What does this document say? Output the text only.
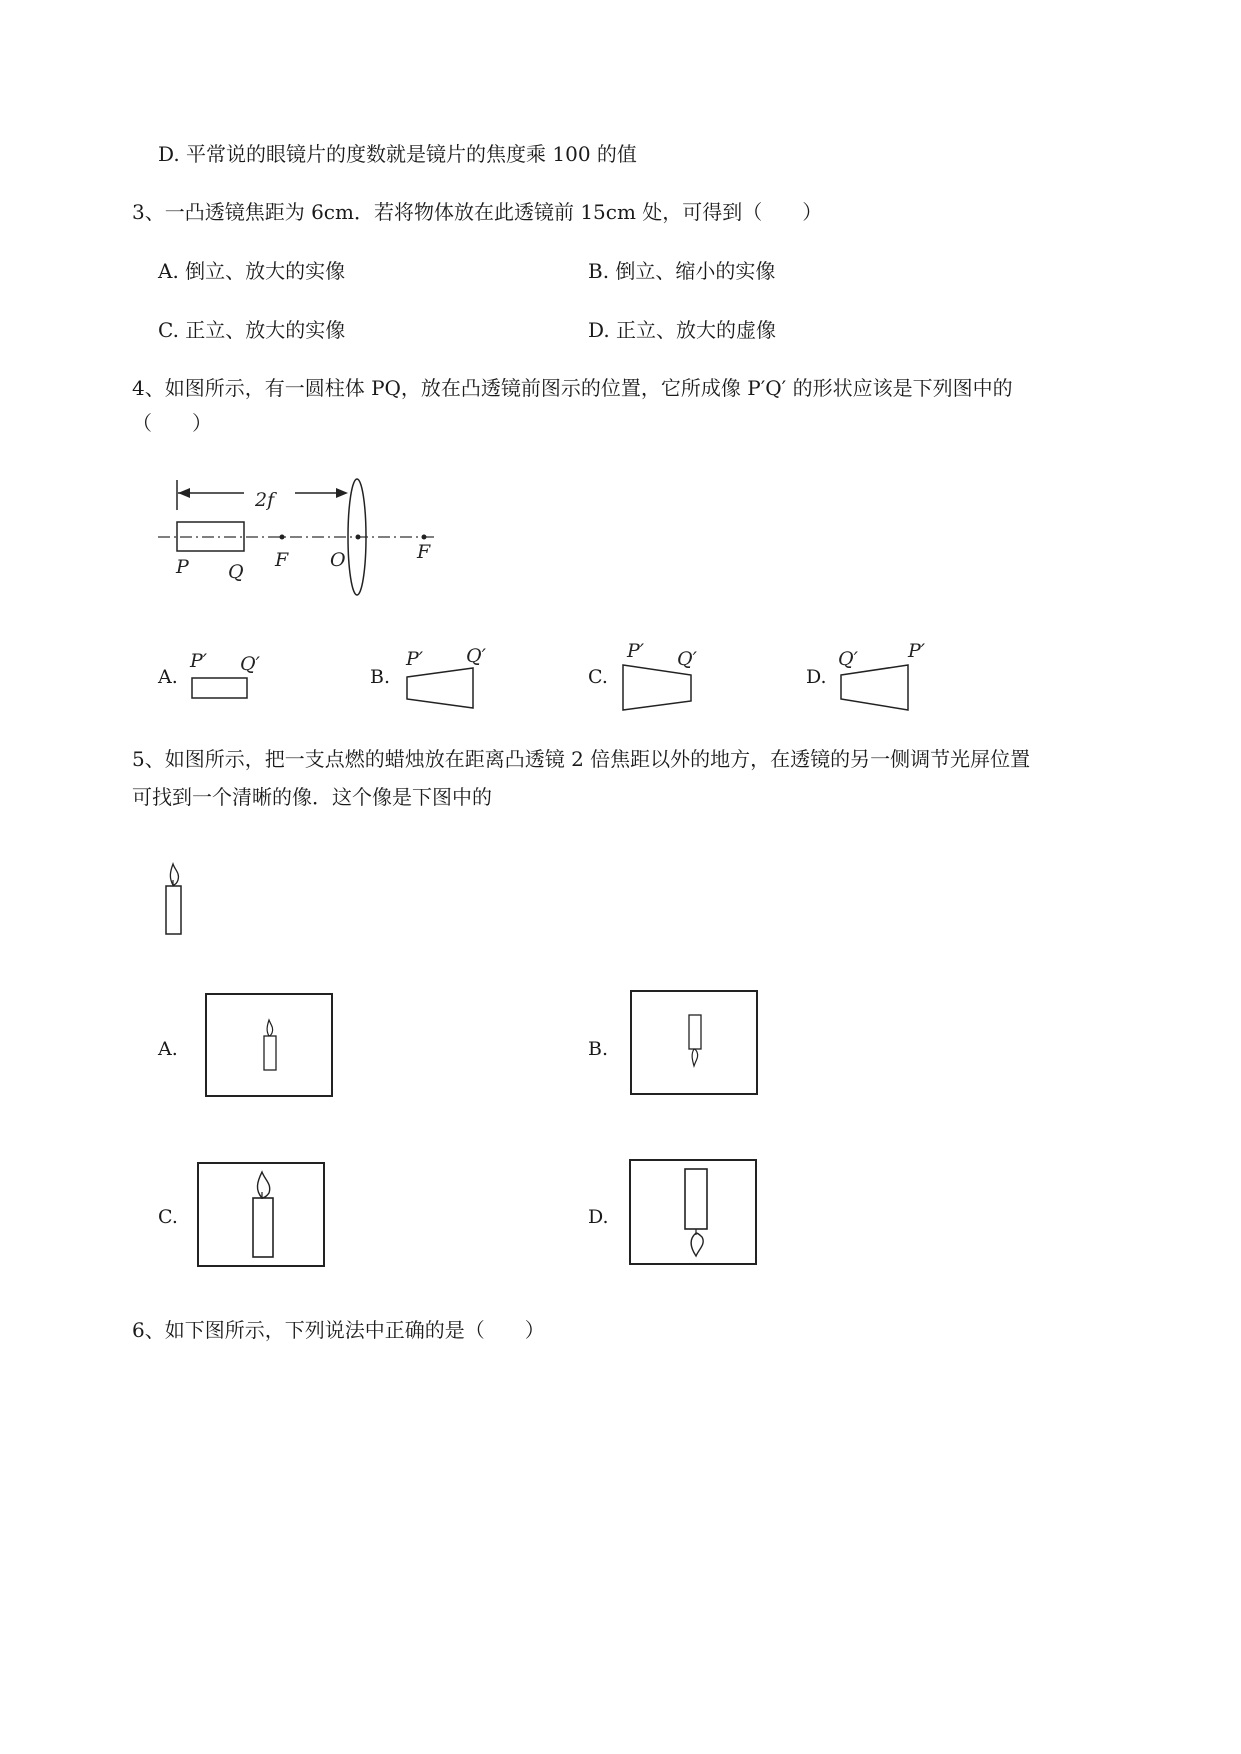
D. 平常说的眼镜片的度数就是镜片的焦度乘 100 的值
3、一凸透镜焦距为 6cm．若将物体放在此透镜前 15cm 处，可得到（　　）
A. 倒立、放大的实像	B. 倒立、缩小的实像
C. 正立、放大的实像	D. 正立、放大的虚像
4、如图所示，有一圆柱体 PQ，放在凸透镜前图示的位置，它所成像 P′Q′ 的形状应该是下列图中的
（　　）
2f
P Q
F O	F
A.
P′ Q′
B.
P′ Q′
C.
P′ Q′
D.
Q′	P′
5、如图所示，把一支点燃的蜡烛放在距离凸透镜 2 倍焦距以外的地方，在透镜的另一侧调节光屏位置
可找到一个清晰的像．这个像是下图中的
A.	B.
C.	D.
6、如下图所示，下列说法中正确的是（　　）
